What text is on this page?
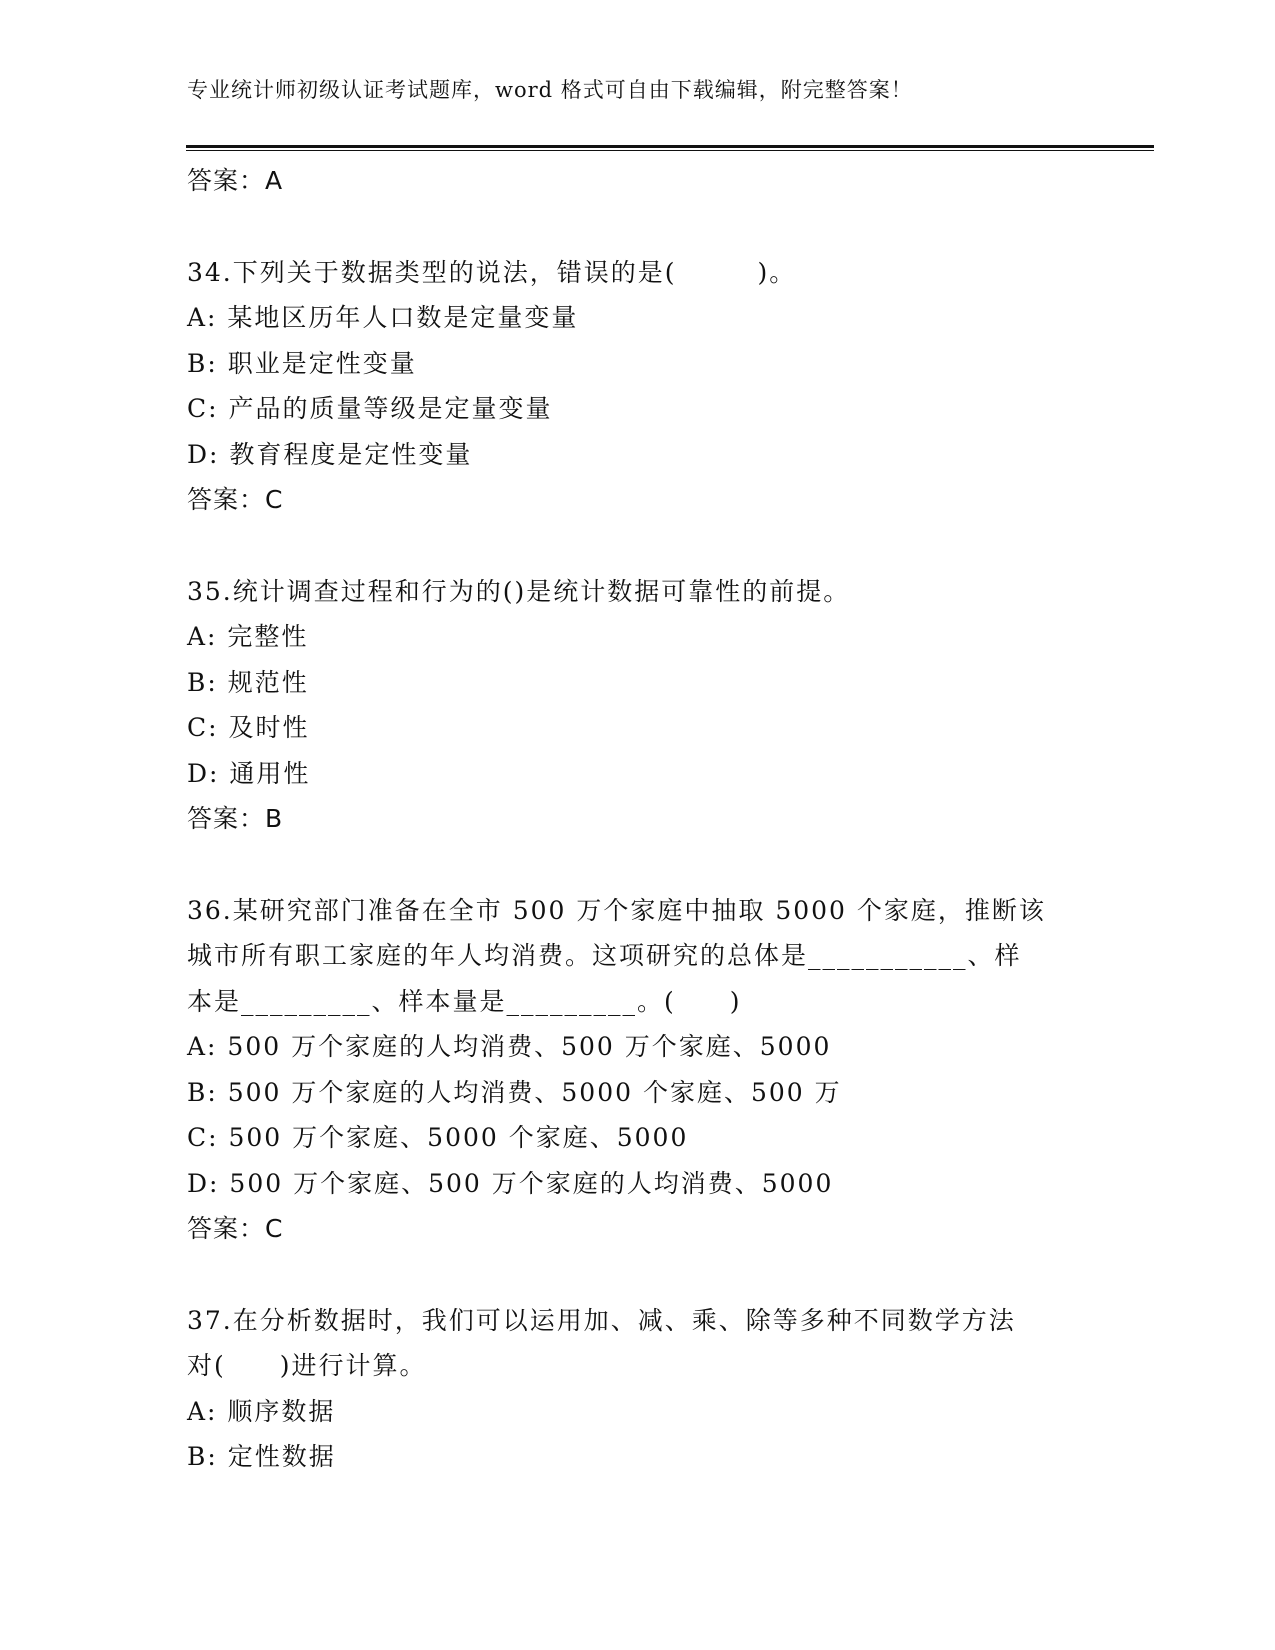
专业统计师初级认证考试题库，word 格式可自由下载编辑，附完整答案！
答案：A
34.下列关于数据类型的说法，错误的是(　　　)。
A: 某地区历年人口数是定量变量
B: 职业是定性变量
C: 产品的质量等级是定量变量
D: 教育程度是定性变量
答案：C
35.统计调查过程和行为的()是统计数据可靠性的前提。
A: 完整性
B: 规范性
C: 及时性
D: 通用性
答案：B
36.某研究部门准备在全市 500 万个家庭中抽取 5000 个家庭，推断该
城市所有职工家庭的年人均消费。这项研究的总体是___________、样
本是_________、样本量是_________。(　　)
A: 500 万个家庭的人均消费、500 万个家庭、5000
B: 500 万个家庭的人均消费、5000 个家庭、500 万
C: 500 万个家庭、5000 个家庭、5000
D: 500 万个家庭、500 万个家庭的人均消费、5000
答案：C
37.在分析数据时，我们可以运用加、减、乘、除等多种不同数学方法
对(　　)进行计算。
A: 顺序数据
B: 定性数据
